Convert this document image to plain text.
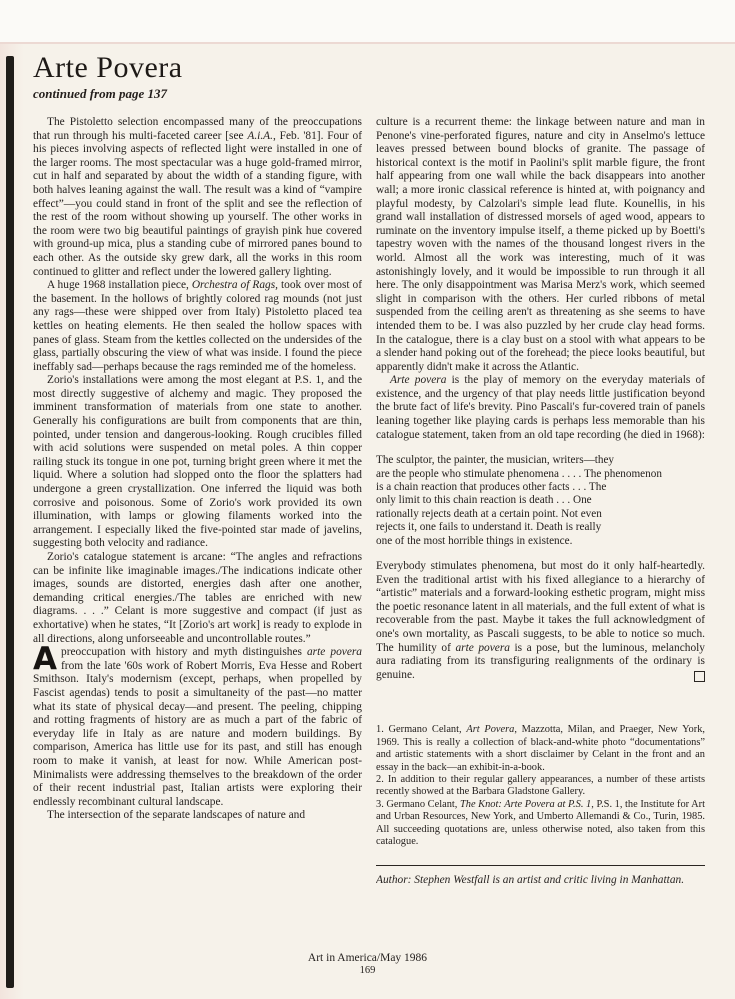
Arte Povera
continued from page 137

The Pistoletto selection encompassed many of the preoccupations that run through his multi-faceted career [see A.i.A., Feb. '81]. Four of his pieces involving aspects of reflected light were installed in one of the larger rooms. The most spectacular was a huge gold-framed mirror, cut in half and separated by about the width of a standing figure, with both halves leaning against the wall. The result was a kind of “vampire effect”—you could stand in front of the split and see the reflection of the rest of the room without showing up yourself. The other works in the room were two big beautiful paintings of grayish pink hue covered with ground-up mica, plus a standing cube of mirrored panes bound to each other. As the outside sky grew dark, all the works in this room continued to glitter and reflect under the lowered gallery lighting.

A huge 1968 installation piece, Orchestra of Rags, took over most of the basement. In the hollows of brightly colored rag mounds (not just any rags—these were shipped over from Italy) Pistoletto placed tea kettles on heating elements. He then sealed the hollow spaces with panes of glass. Steam from the kettles collected on the undersides of the glass, partially obscuring the view of what was inside. I found the piece ineffably sad—perhaps because the rags reminded me of the homeless.

Zorio's installations were among the most elegant at P.S. 1, and the most directly suggestive of alchemy and magic. They proposed the imminent transformation of materials from one state to another. Generally his configurations are built from components that are thin, pointed, under tension and dangerous-looking. Rough crucibles filled with acid solutions were suspended on metal poles. A thin copper railing stuck its tongue in one pot, turning bright green where it met the liquid. Where a solution had slopped onto the floor the splatters had undergone a green crystallization. One inferred the liquid was both corrosive and poisonous. Some of Zorio's work provided its own illumination, with lamps or glowing filaments worked into the arrangement. I especially liked the five-pointed star made of javelins, suggesting both velocity and radiance.

Zorio's catalogue statement is arcane: “The angles and refractions can be infinite like imaginable images./The indications indicate other images, sounds are distorted, energies dash after one another, demanding critical energies./The tables are enriched with new diagrams. . . .” Celant is more suggestive and compact (if just as exhortative) when he states, “It [Zorio's art work] is ready to explode in all directions, along unforseeable and uncontrollable routes.”

Apreoccupation with history and myth distinguishes arte povera from the late '60s work of Robert Morris, Eva Hesse and Robert Smithson. Italy's modernism (except, perhaps, when propelled by Fascist agendas) tends to posit a simultaneity of the past—no matter what its state of physical decay—and present. The peeling, chipping and rotting fragments of history are as much a part of the fabric of everyday life in Italy as are nature and modern buildings. By comparison, America has little use for its past, and still has enough room to make it vanish, at least for now. While American post-Minimalists were addressing themselves to the breakdown of the order of their recent industrial past, Italian artists were exploring their endlessly recombinant cultural landscape.

The intersection of the separate landscapes of nature and

culture is a recurrent theme: the linkage between nature and man in Penone's vine-perforated figures, nature and city in Anselmo's lettuce leaves pressed between bound blocks of granite. The passage of historical context is the motif in Paolini's split marble figure, the front half appearing from one wall while the back disappears into another wall; a more ironic classical reference is hinted at, with poignancy and playful modesty, by Calzolari's simple lead flute. Kounellis, in his grand wall installation of distressed morsels of aged wood, appears to ruminate on the inventory impulse itself, a theme picked up by Boetti's tapestry woven with the names of the thousand longest rivers in the world. Almost all the work was interesting, much of it was astonishingly lovely, and it would be impossible to run through it all here. The only disappointment was Marisa Merz's work, which seemed slight in comparison with the others. Her curled ribbons of metal suspended from the ceiling aren't as threatening as she seems to have intended them to be. I was also puzzled by her crude clay head forms. In the catalogue, there is a clay bust on a stool with what appears to be a slender hand poking out of the forehead; the piece looks beautiful, but apparently didn't make it across the Atlantic.

Arte povera is the play of memory on the everyday materials of existence, and the urgency of that play needs little justification beyond the brute fact of life's brevity. Pino Pascali's fur-covered train of panels leaning together like playing cards is perhaps less memorable than his catalogue statement, taken from an old tape recording (he died in 1968):

The sculptor, the painter, the musician, writers—they
are the people who stimulate phenomena . . . . The phenomenon
is a chain reaction that produces other facts . . . The
only limit to this chain reaction is death . . . One
rationally rejects death at a certain point. Not even
rejects it, one fails to understand it. Death is really
one of the most horrible things in existence.

Everybody stimulates phenomena, but most do it only half-heartedly. Even the traditional artist with his fixed allegiance to a hierarchy of “artistic” materials and a forward-looking esthetic program, might miss the poetic resonance latent in all materials, and the full extent of what is recoverable from the past. Maybe it takes the full acknowledgment of one's own mortality, as Pascali suggests, to be able to notice so much. The humility of arte povera is a pose, but the luminous, melancholy aura radiating from its transfiguring realignments of the ordinary is genuine.

1. Germano Celant, Art Povera, Mazzotta, Milan, and Praeger, New York, 1969. This is really a collection of black-and-white photo “documentations” and artistic statements with a short disclaimer by Celant in the front and an essay in the back—an exhibit-in-a-book.

2. In addition to their regular gallery appearances, a number of these artists recently showed at the Barbara Gladstone Gallery.

3. Germano Celant, The Knot: Arte Povera at P.S. 1, P.S. 1, the Institute for Art and Urban Resources, New York, and Umberto Allemandi & Co., Turin, 1985. All succeeding quotations are, unless otherwise noted, also taken from this catalogue.

Author: Stephen Westfall is an artist and critic living in Manhattan.

Art in America/May 1986
169
